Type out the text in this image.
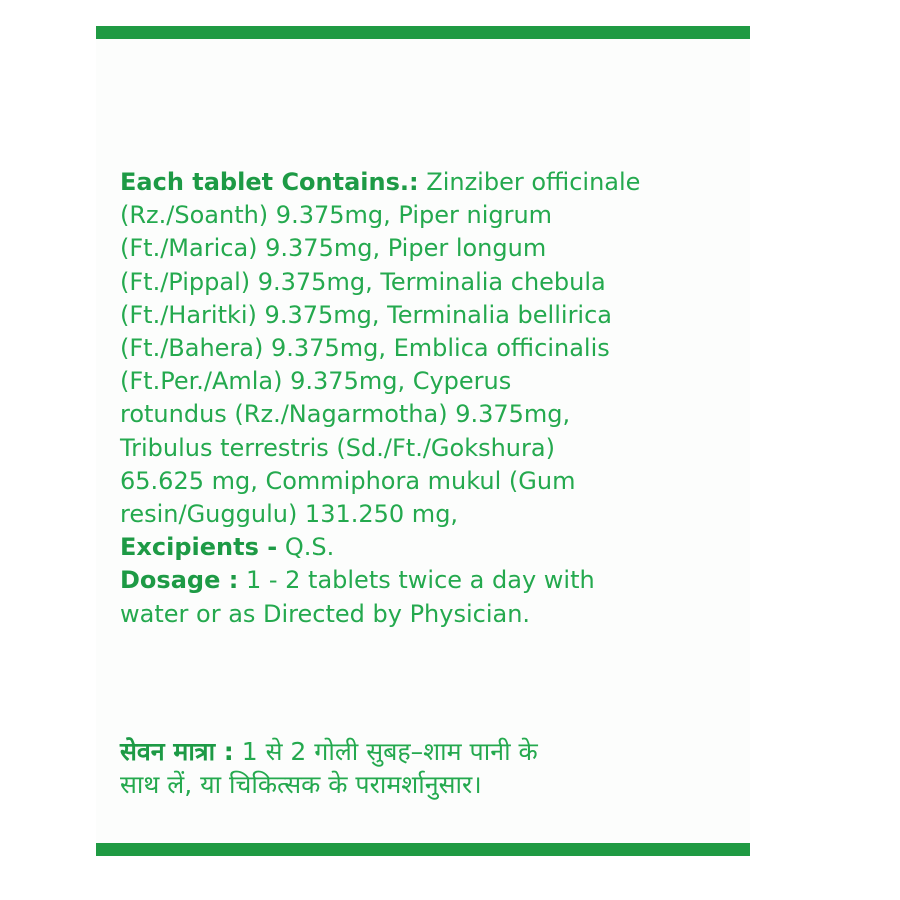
Each tablet Contains.: Zinziber officinale
(Rz./Soanth) 9.375mg, Piper nigrum
(Ft./Marica) 9.375mg, Piper longum
(Ft./Pippal) 9.375mg, Terminalia chebula
(Ft./Haritki) 9.375mg, Terminalia bellirica
(Ft./Bahera) 9.375mg, Emblica officinalis
(Ft.Per./Amla) 9.375mg, Cyperus
rotundus (Rz./Nagarmotha) 9.375mg,
Tribulus terrestris (Sd./Ft./Gokshura)
65.625 mg, Commiphora mukul (Gum
resin/Guggulu) 131.250 mg,
Excipients - Q.S.
Dosage : 1 - 2 tablets twice a day with
water or as Directed by Physician.
सेवन मात्रा : 1 से 2 गोली सुबह–शाम पानी के
साथ लें, या चिकित्सक के परामर्शानुसार।
